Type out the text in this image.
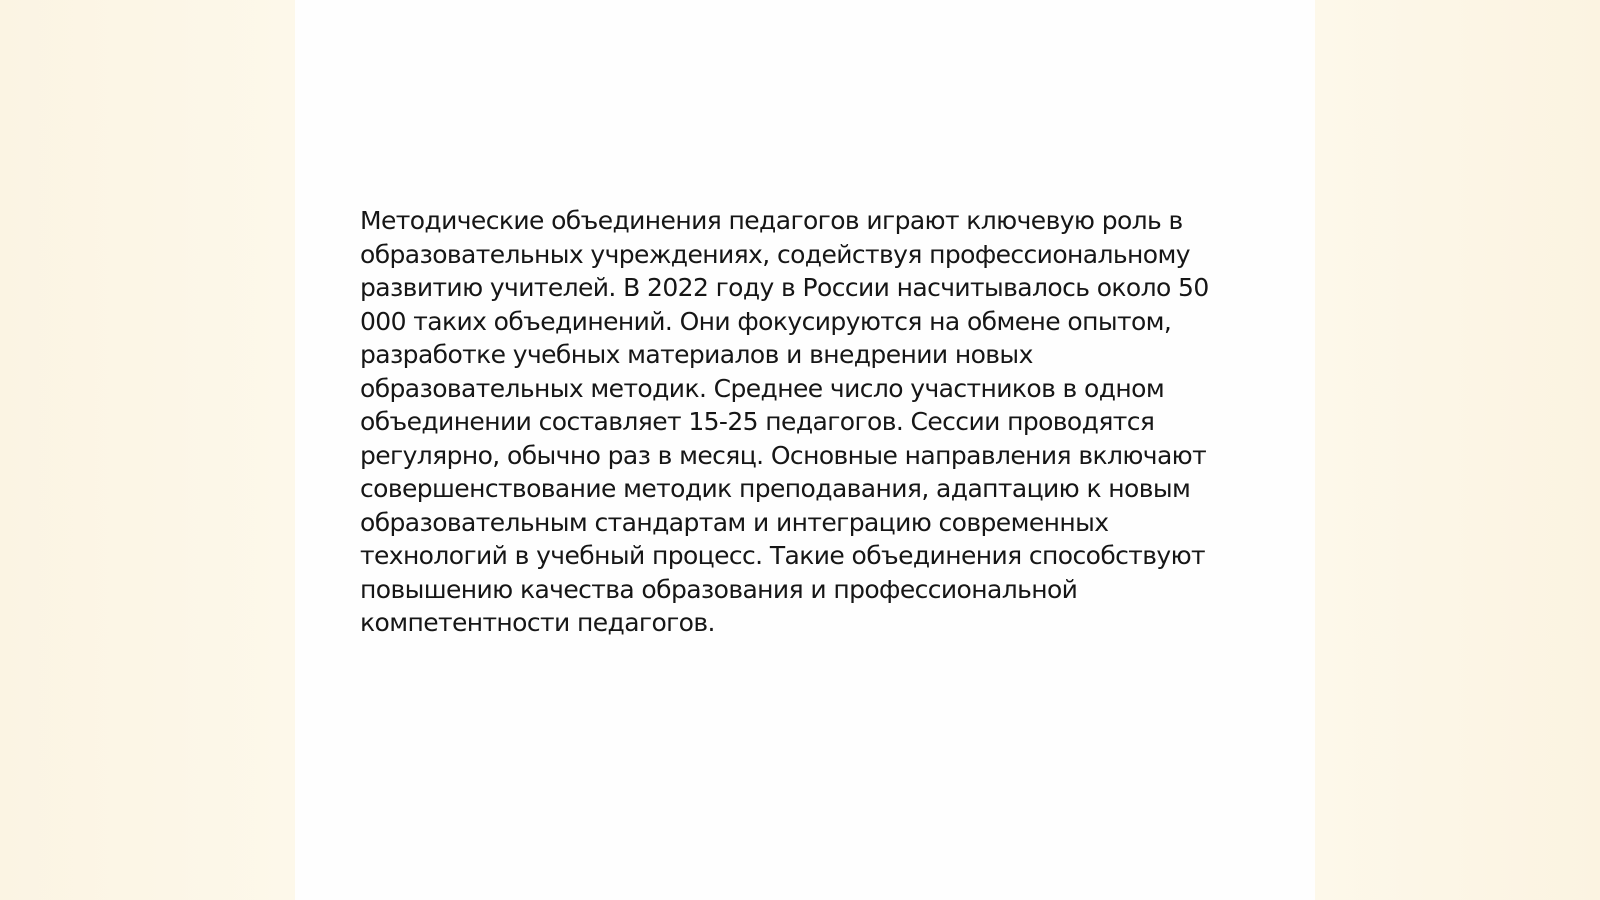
Методические объединения педагогов играют ключевую роль в образовательных учреждениях, содействуя профессиональному развитию учителей. В 2022 году в России насчитывалось около 50 000 таких объединений. Они фокусируются на обмене опытом, разработке учебных материалов и внедрении новых образовательных методик. Среднее число участников в одном объединении составляет 15-25 педагогов. Сессии проводятся регулярно, обычно раз в месяц. Основные направления включают совершенствование методик преподавания, адаптацию к новым образовательным стандартам и интеграцию современных технологий в учебный процесс. Такие объединения способствуют повышению качества образования и профессиональной компетентности педагогов.
